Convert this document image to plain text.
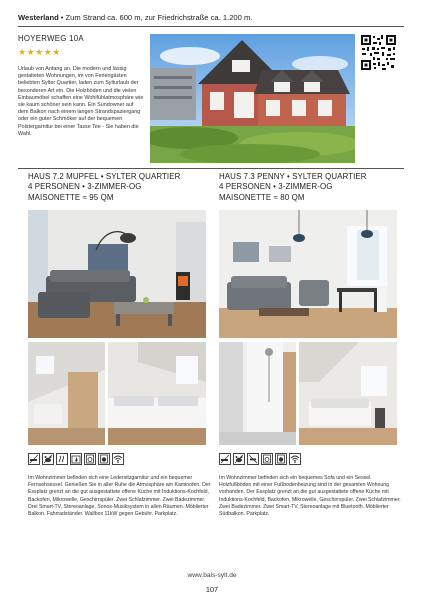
Westerland • Zum Strand ca. 600 m, zur Friedrichstraße ca. 1.200 m.
HOYERWEG 10A
★★★★★
Urlaub von Anfang an. Die modern und lässig gestalteten Wohnungen, im von Feriengästen beliebten Sylter Quartier, laden zum Sylturlaub der besonderen Art ein. Die Holzböden und die vielen Einbaumöbel schaffen eine Wohlfühlatmosphäre wie sie kaum schöner sein kann. Ein Sundowner auf dem Balkon nach einem langen Strandspaziergang oder ein guter Schmöker auf der bequemen Polstergarnitur bei einer Tasse Tee - Sie haben die Wahl.
HAUS 7.2 MUPFEL • SYLTER QUARTIER
4 PERSONEN • 3-ZIMMER-OG
MAISONETTE ≈ 95 QM
HAUS 7.3 PENNY • SYLTER QUARTIER
4 PERSONEN • 3-ZIMMER-OG
MAISONETTE ≈ 80 QM
Im Wohnzimmer befinden sich eine Ledersitzgarnitur und ein bequemer Fernsehsessel. Genießen Sie in aller Ruhe die Atmosphäre am Kaminofen. Der Essplatz grenzt an die gut ausgestattete offene Küche mit Induktions-Kochfeld, Backofen, Mikrowelle, Geschirrspüler. Zwei Schlafzimmer. Zwei Badezimmer. Drei Smart-TV, Stereoanlage, Sonos-Musiksystem in allen Räumen. Möblierter Balkon. Fahrradständer. Wallbox 11kW gegen Gebühr. Parkplatz.
Im Wohnzimmer befinden sich ein bequemes Sofa und ein Sessel. Holzfußböden mit einer Fußbodenheizung sind in der gesamten Wohnung vorhanden. Der Essplatz grenzt an die gut ausgestattete offene Küche mit Induktions-Kochfeld, Backofen, Mikrowelle, Geschirrspüler. Zwei Schlafzimmer. Zwei Badezimmer. Zwei Smart-TV, Stereoanlage mit Bluetooth. Möblierter Südbalkon. Parkplatz.
www.bals-sylt.de
107
